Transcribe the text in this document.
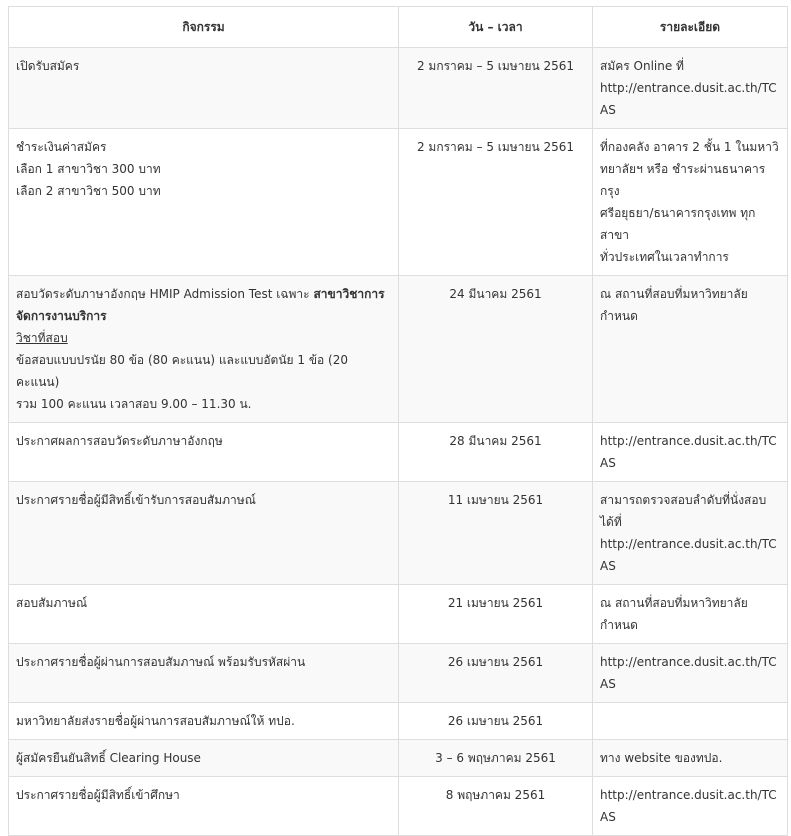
กิจกรรม	วัน – เวลา	รายละเอียด

เปิดรับสมัคร	2 มกราคม – 5 เมษายน 2561	สมัคร Online ที่
http://entrance.dusit.ac.th/TCAS

ชำระเงินค่าสมัคร
เลือก 1 สาขาวิชา 300 บาท
เลือก 2 สาขาวิชา 500 บาท	2 มกราคม – 5 เมษายน 2561	ที่กองคลัง อาคาร 2 ชั้น 1 ในมหาวิ
ทยาลัยฯ หรือ ชำระผ่านธนาคารกรุง
ศรีอยุธยา/ธนาคารกรุงเทพ ทุกสาขา
ทั่วประเทศในเวลาทำการ

สอบวัดระดับภาษาอังกฤษ HMIP Admission Test เฉพาะ สาขาวิชาการจัดการงานบริการ
วิชาที่สอบ
ข้อสอบแบบปรนัย 80 ข้อ (80 คะแนน) และแบบอัตนัย 1 ข้อ (20 คะแนน)
รวม 100 คะแนน เวลาสอบ 9.00 – 11.30 น.	24 มีนาคม 2561	ณ สถานที่สอบที่มหาวิทยาลัยกำหนด

ประกาศผลการสอบวัดระดับภาษาอังกฤษ	28 มีนาคม 2561	http://entrance.dusit.ac.th/TCAS

ประกาศรายชื่อผู้มีสิทธิ์เข้ารับการสอบสัมภาษณ์	11 เมษายน 2561	สามารถตรวจสอบลำดับที่นั่งสอบ
ได้ที่
http://entrance.dusit.ac.th/TCAS

สอบสัมภาษณ์	21 เมษายน 2561	ณ สถานที่สอบที่มหาวิทยาลัยกำหนด

ประกาศรายชื่อผู้ผ่านการสอบสัมภาษณ์ พร้อมรับรหัสผ่าน	26 เมษายน 2561	http://entrance.dusit.ac.th/TCAS

มหาวิทยาลัยส่งรายชื่อผู้ผ่านการสอบสัมภาษณ์ให้ ทปอ.	26 เมษายน 2561	

ผู้สมัครยืนยันสิทธิ์ Clearing House	3 – 6 พฤษภาคม 2561	ทาง website ของทปอ.

ประกาศรายชื่อผู้มีสิทธิ์เข้าศึกษา	8 พฤษภาคม 2561	http://entrance.dusit.ac.th/TCAS
